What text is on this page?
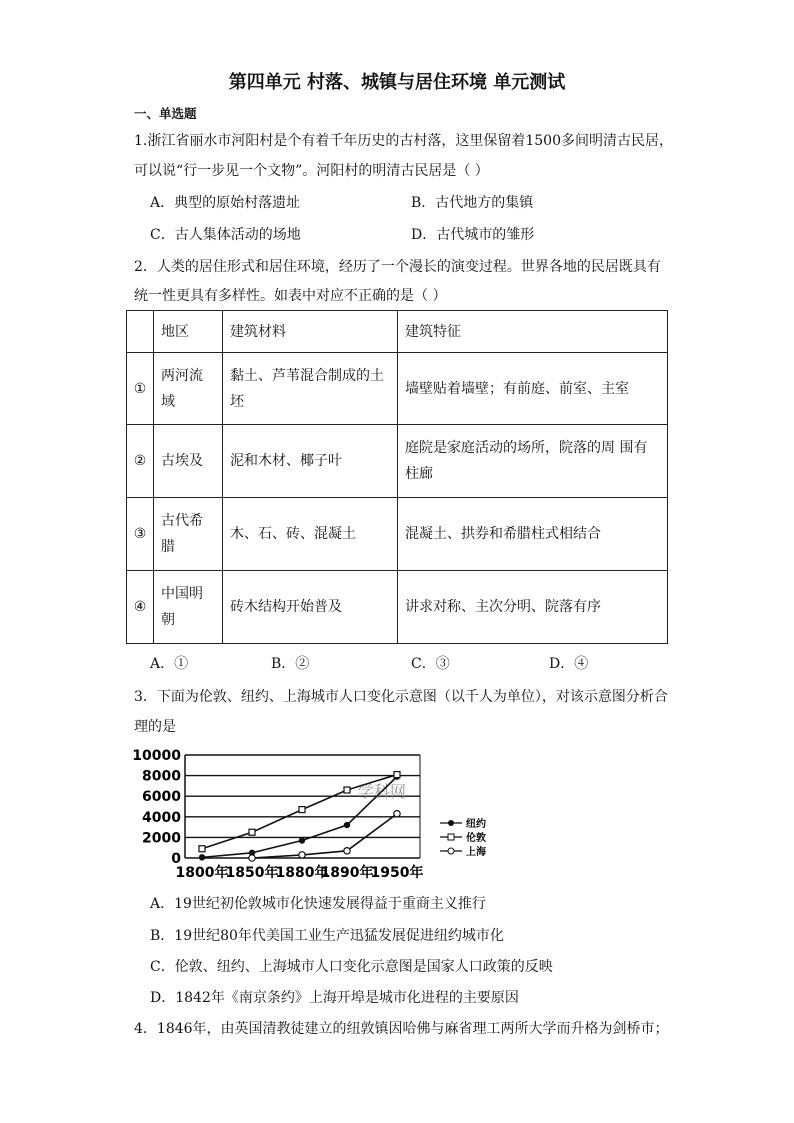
第四单元 村落、城镇与居住环境 单元测试
一、单选题
1.浙江省丽水市河阳村是个有着千年历史的古村落，这里保留着1500多间明清古民居，
可以说“行一步见一个文物”。河阳村的明清古民居是（ ）
A．典型的原始村落遗址	B．古代地方的集镇
C．古人集体活动的场地	D．古代城市的雏形
2．人类的居住形式和居住环境，经历了一个漫长的演变过程。世界各地的民居既具有
统一性更具有多样性。如表中对应不正确的是（ ）
	地区	建筑材料	建筑特征
①	两河流域	黏土、芦苇混合制成的土坯	墙壁贴着墙壁；有前庭、前室、主室
②	古埃及	泥和木材、椰子叶	庭院是家庭活动的场所，院落的周 围有柱廊
③	古代希腊	木、石、砖、混凝土	混凝土、拱券和希腊柱式相结合
④	中国明朝	砖木结构开始普及	讲求对称、主次分明、院落有序
A．①	B．②	C．③	D．④
3．下面为伦敦、纽约、上海城市人口变化示意图（以千人为单位），对该示意图分析合
理的是
10000
8000
6000
4000
2000
0
1800年
1850年
1880年
1890年
1950年
学科网
纽约
伦敦
上海
A．19世纪初伦敦城市化快速发展得益于重商主义推行
B．19世纪80年代美国工业生产迅猛发展促进纽约城市化
C．伦敦、纽约、上海城市人口变化示意图是国家人口政策的反映
D．1842年《南京条约》上海开埠是城市化进程的主要原因
4．1846年，由英国清教徒建立的纽敦镇因哈佛与麻省理工两所大学而升格为剑桥市；
